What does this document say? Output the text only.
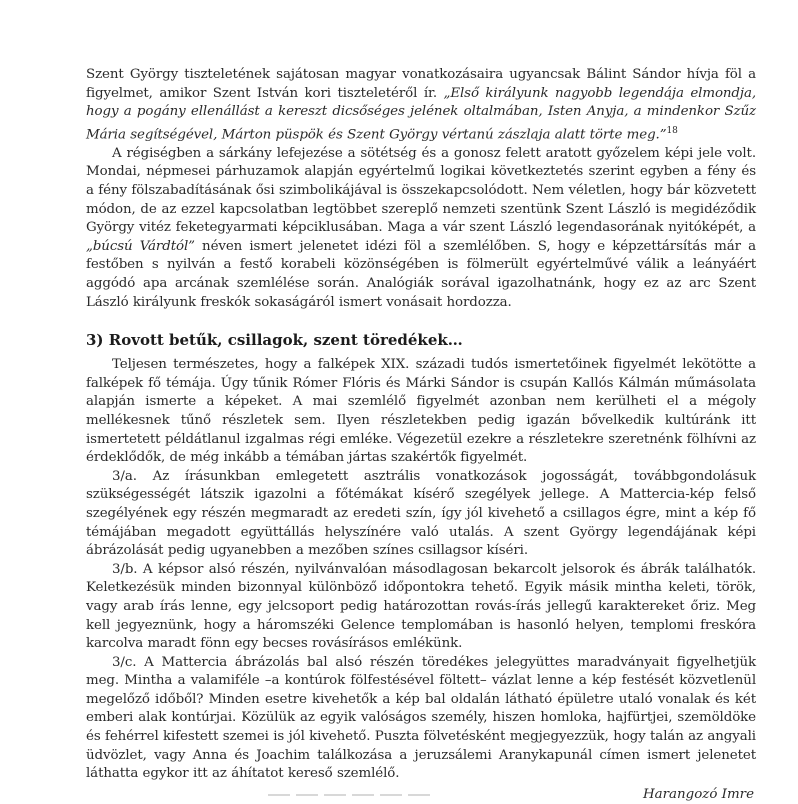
Szent György tiszteletének sajátosan magyar vonatkozásaira ugyancsak Bálint Sándor hívja föl a figyelmet, amikor Szent István kori tiszteletéről ír. „Első királyunk nagyobb legendája elmondja, hogy a pogány ellenállást a kereszt dicsőséges jelének oltalmában, Isten Anyja, a mindenkor Szűz Mária segítségével, Márton püspök és Szent György vértanú zászlaja alatt törte meg.”$^{18}$

A régiségben a sárkány lefejezése a sötétség és a gonosz felett aratott győzelem képi jele volt. Mondai, népmesei párhuzamok alapján egyértelmű logikai következtetés szerint egyben a fény és a fény fölszabadításának ősi szimbolikájával is összekapcsolódott. Nem véletlen, hogy bár közvetett módon, de az ezzel kapcsolatban legtöbbet szereplő nemzeti szentünk Szent László is megidéződik György vitéz feketegyarmati képciklusában. Maga a vár szent László legendasorának nyitóképét, a „búcsú Várdtól” néven ismert jelenetet idézi föl a szemlélőben. S, hogy e képzettársítás már a festőben s nyilván a festő korabeli közönségében is fölmerült egyértelművé válik a leányáért aggódó apa arcának szemlélése során. Analógiák sorával igazolhatnánk, hogy ez az arc Szent László királyunk freskók sokaságáról ismert vonásait hordozza.

3) Rovott betűk, csillagok, szent töredékek…

Teljesen természetes, hogy a falképek XIX. századi tudós ismertetőinek figyelmét lekötötte a falképek fő témája. Úgy tűnik Rómer Flóris és Márki Sándor is csupán Kallós Kálmán műmásolata alapján ismerte a képeket. A mai szemlélő figyelmét azonban nem kerülheti el a mégoly mellékesnek tűnő részletek sem. Ilyen részletekben pedig igazán bővelkedik kultúránk itt ismertetett példátlanul izgalmas régi emléke. Végezetül ezekre a részletekre szeretnénk fölhívni az érdeklődők, de még inkább a témában jártas szakértők figyelmét.

3/a. Az írásunkban emlegetett asztrális vonatkozások jogosságát, továbbgondolásuk szükségességét látszik igazolni a főtémákat kísérő szegélyek jellege. A Mattercia-kép felső szegélyének egy részén megmaradt az eredeti szín, így jól kivehető a csillagos égre, mint a kép fő témájában megadott együttállás helyszínére való utalás. A szent György legendájának képi ábrázolását pedig ugyanebben a mezőben színes csillagsor kíséri.

3/b. A képsor alsó részén, nyilvánvalóan másodlagosan bekarcolt jelsorok és ábrák találhatók. Keletkezésük minden bizonnyal különböző időpontokra tehető. Egyik másik mintha keleti, török, vagy arab írás lenne, egy jelcsoport pedig határozottan rovás-írás jellegű karaktereket őriz. Meg kell jegyeznünk, hogy a háromszéki Gelence templomában is hasonló helyen, templomi freskóra karcolva maradt fönn egy becses rovásírásos emlékünk.

3/c. A Mattercia ábrázolás bal alsó részén töredékes jelegyüttes maradványait figyelhetjük meg. Mintha a valamiféle –a kontúrok fölfestésével föltett– vázlat lenne a kép festését közvetlenül megelőző időből? Minden esetre kivehetők a kép bal oldalán látható épületre utaló vonalak és két emberi alak kontúrjai. Közülük az egyik valóságos személy, hiszen homloka, hajfürtjei, szemöldöke és fehérrel kifestett szemei is jól kivehető. Puszta fölvetésként megjegyezzük, hogy talán az angyali üdvözlet, vagy Anna és Joachim találkozása a jeruzsálemi Aranykapunál címen ismert jelenetet láthatta egykor itt az áhítatot kereső szemlélő.

Harangozó Imre
